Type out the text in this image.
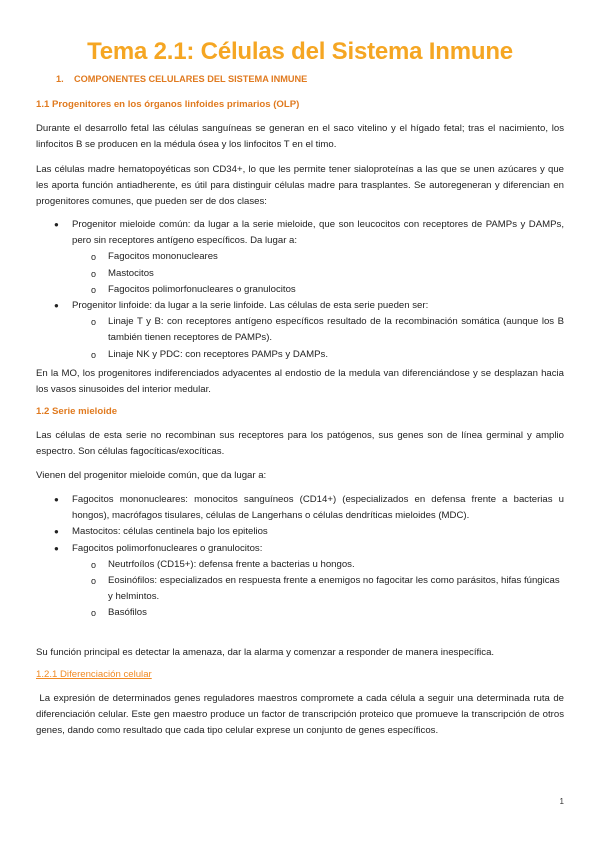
Tema 2.1: Células del Sistema Inmune
1. COMPONENTES CELULARES DEL SISTEMA INMUNE
1.1 Progenitores en los órganos linfoides primarios (OLP)
Durante el desarrollo fetal las células sanguíneas se generan en el saco vitelino y el hígado fetal; tras el nacimiento, los linfocitos B se producen en la médula ósea y los linfocitos T en el timo.
Las células madre hematopoyéticas son CD34+, lo que les permite tener sialoproteínas a las que se unen azúcares y que les aporta función antiadherente, es útil para distinguir células madre para trasplantes. Se autoregeneran y diferencian en progenitores comunes, que pueden ser de dos clases:
● Progenitor mieloide común: da lugar a la serie mieloide, que son leucocitos con receptores de PAMPs y DAMPs, pero sin receptores antígeno específicos. Da lugar a:
o Fagocitos mononucleares
o Mastocitos
o Fagocitos polimorfonucleares o granulocitos
● Progenitor linfoide: da lugar a la serie linfoide. Las células de esta serie pueden ser:
o Linaje T y B: con receptores antígeno específicos resultado de la recombinación somática (aunque los B también tienen receptores de PAMPs).
o Linaje NK y PDC: con receptores PAMPs y DAMPs.
En la MO, los progenitores indiferenciados adyacentes al endostio de la medula van diferenciándose y se desplazan hacia los vasos sinusoides del interior medular.
1.2 Serie mieloide
Las células de esta serie no recombinan sus receptores para los patógenos, sus genes son de línea germinal y amplio espectro. Son células fagocíticas/exocíticas.
Vienen del progenitor mieloide común, que da lugar a:
● Fagocitos mononucleares: monocitos sanguíneos (CD14+) (especializados en defensa frente a bacterias u hongos), macrófagos tisulares, células de Langerhans o células dendríticas mieloides (MDC).
● Mastocitos: células centinela bajo los epitelios
● Fagocitos polimorfonucleares o granulocitos:
o Neutrfoílos (CD15+): defensa frente a bacterias u hongos.
o Eosinófilos: especializados en respuesta frente a enemigos no fagocitar les como parásitos, hifas fúngicas y helmintos.
o Basófilos
Su función principal es detectar la amenaza, dar la alarma y comenzar a responder de manera inespecífica.
1.2.1 Diferenciación celular
La expresión de determinados genes reguladores maestros compromete a cada célula a seguir una determinada ruta de diferenciación celular. Este gen maestro produce un factor de transcripción proteico que promueve la transcripción de otros genes, dando como resultado que cada tipo celular exprese un conjunto de genes específicos.
1
